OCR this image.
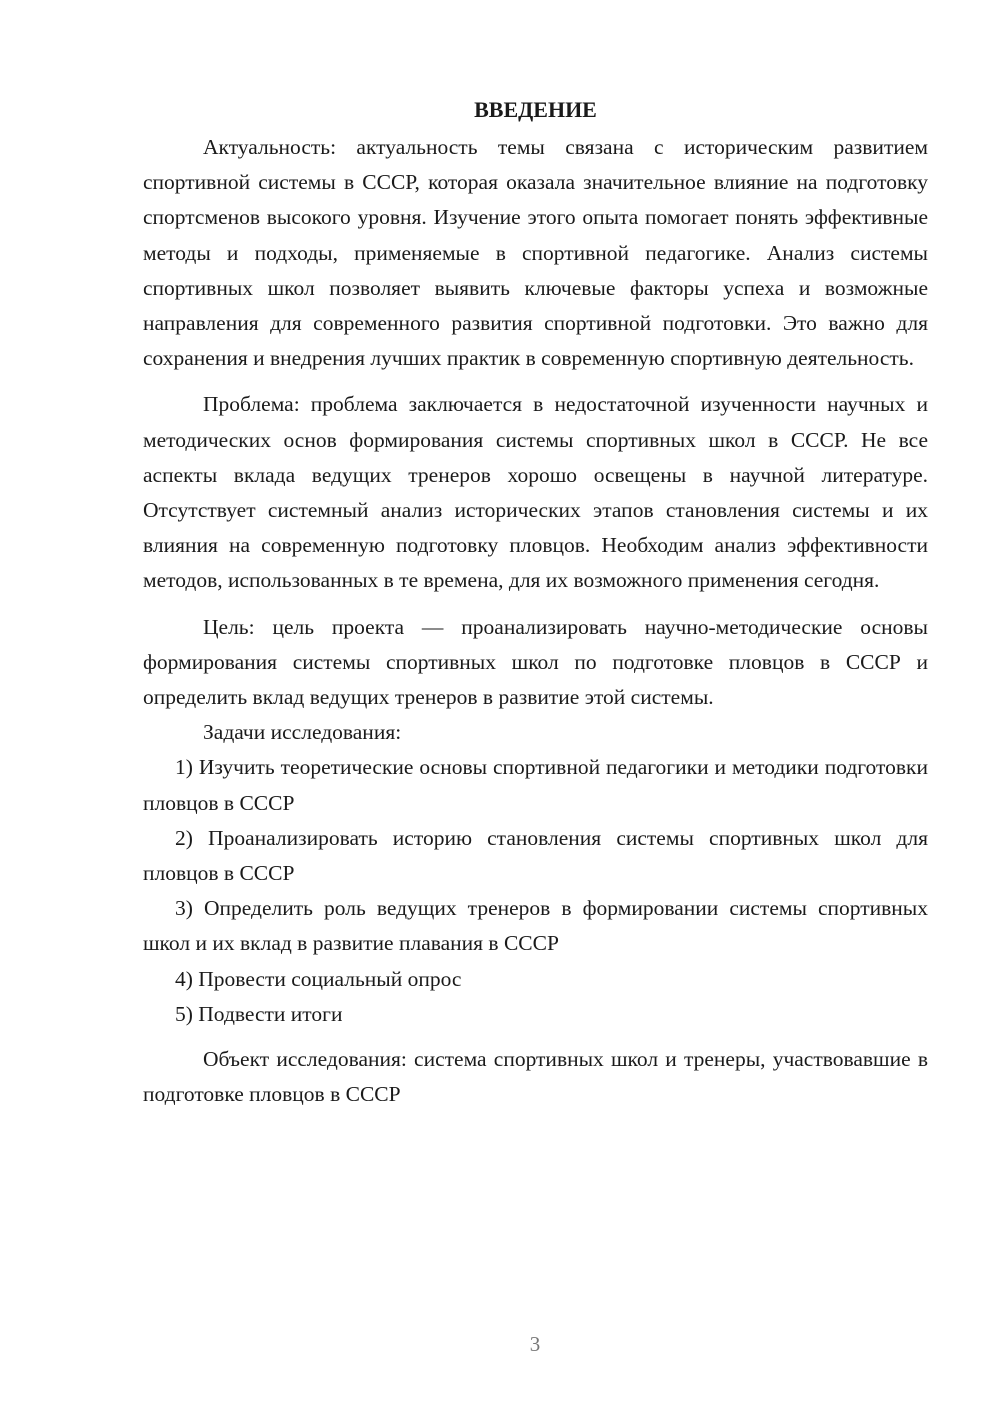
ВВЕДЕНИЕ

Актуальность: актуальность темы связана с историческим развитием спортивной системы в СССР, которая оказала значительное влияние на подготовку спортсменов высокого уровня. Изучение этого опыта помогает понять эффективные методы и подходы, применяемые в спортивной педагогике. Анализ системы спортивных школ позволяет выявить ключевые факторы успеха и возможные направления для современного развития спортивной подготовки. Это важно для сохранения и внедрения лучших практик в современную спортивную деятельность.

Проблема: проблема заключается в недостаточной изученности научных и методических основ формирования системы спортивных школ в СССР. Не все аспекты вклада ведущих тренеров хорошо освещены в научной литературе. Отсутствует системный анализ исторических этапов становления системы и их влияния на современную подготовку пловцов. Необходим анализ эффективности методов, использованных в те времена, для их возможного применения сегодня.

Цель: цель проекта — проанализировать научно-методические основы формирования системы спортивных школ по подготовке пловцов в СССР и определить вклад ведущих тренеров в развитие этой системы.

Задачи исследования:

1) Изучить теоретические основы спортивной педагогики и методики подготовки пловцов в СССР

2) Проанализировать историю становления системы спортивных школ для пловцов в СССР

3) Определить роль ведущих тренеров в формировании системы спортивных школ и их вклад в развитие плавания в СССР

4) Провести социальный опрос

5) Подвести итоги

Объект исследования: система спортивных школ и тренеры, участвовавшие в подготовке пловцов в СССР

3
